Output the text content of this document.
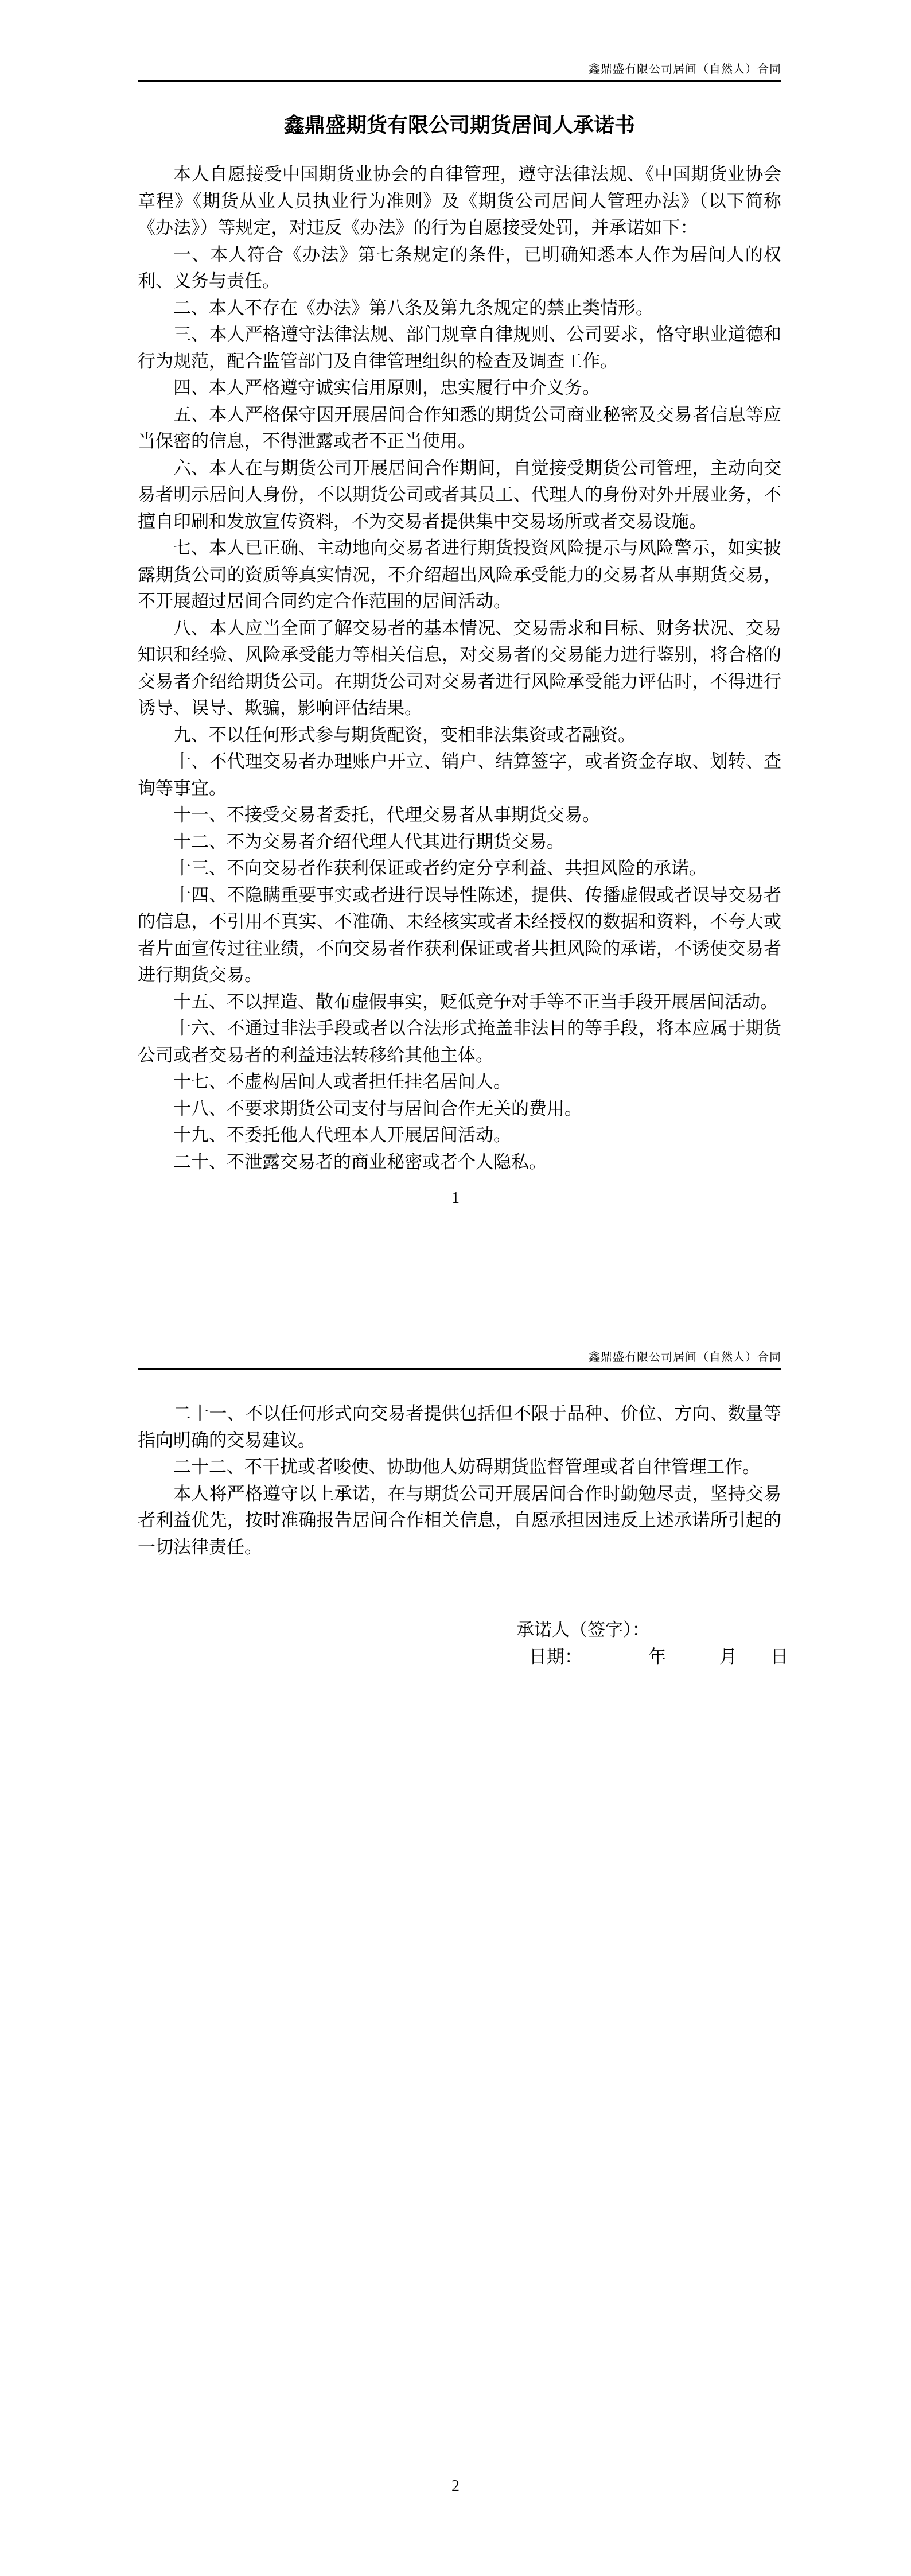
鑫鼎盛有限公司居间（自然人）合同
鑫鼎盛期货有限公司期货居间人承诺书

本人自愿接受中国期货业协会的自律管理，遵守法律法规、《中国期货业协会章程》《期货从业人员执业行为准则》及《期货公司居间人管理办法》（以下简称《办法》）等规定，对违反《办法》的行为自愿接受处罚，并承诺如下：

一、本人符合《办法》第七条规定的条件，已明确知悉本人作为居间人的权利、义务与责任。

二、本人不存在《办法》第八条及第九条规定的禁止类情形。

三、本人严格遵守法律法规、部门规章自律规则、公司要求，恪守职业道德和行为规范，配合监管部门及自律管理组织的检查及调查工作。

四、本人严格遵守诚实信用原则，忠实履行中介义务。

五、本人严格保守因开展居间合作知悉的期货公司商业秘密及交易者信息等应当保密的信息，不得泄露或者不正当使用。

六、本人在与期货公司开展居间合作期间，自觉接受期货公司管理，主动向交易者明示居间人身份，不以期货公司或者其员工、代理人的身份对外开展业务，不擅自印刷和发放宣传资料，不为交易者提供集中交易场所或者交易设施。

七、本人已正确、主动地向交易者进行期货投资风险提示与风险警示，如实披露期货公司的资质等真实情况，不介绍超出风险承受能力的交易者从事期货交易，不开展超过居间合同约定合作范围的居间活动。

八、本人应当全面了解交易者的基本情况、交易需求和目标、财务状况、交易知识和经验、风险承受能力等相关信息，对交易者的交易能力进行鉴别，将合格的交易者介绍给期货公司。在期货公司对交易者进行风险承受能力评估时，不得进行诱导、误导、欺骗，影响评估结果。

九、不以任何形式参与期货配资，变相非法集资或者融资。

十、不代理交易者办理账户开立、销户、结算签字，或者资金存取、划转、查询等事宜。

十一、不接受交易者委托，代理交易者从事期货交易。

十二、不为交易者介绍代理人代其进行期货交易。

十三、不向交易者作获利保证或者约定分享利益、共担风险的承诺。

十四、不隐瞒重要事实或者进行误导性陈述，提供、传播虚假或者误导交易者的信息，不引用不真实、不准确、未经核实或者未经授权的数据和资料，不夸大或者片面宣传过往业绩，不向交易者作获利保证或者共担风险的承诺，不诱使交易者进行期货交易。

十五、不以捏造、散布虚假事实，贬低竞争对手等不正当手段开展居间活动。

十六、不通过非法手段或者以合法形式掩盖非法目的等手段，将本应属于期货公司或者交易者的利益违法转移给其他主体。

十七、不虚构居间人或者担任挂名居间人。

十八、不要求期货公司支付与居间合作无关的费用。

十九、不委托他人代理本人开展居间活动。

二十、不泄露交易者的商业秘密或者个人隐私。

1
鑫鼎盛有限公司居间（自然人）合同

二十一、不以任何形式向交易者提供包括但不限于品种、价位、方向、数量等指向明确的交易建议。

二十二、不干扰或者唆使、协助他人妨碍期货监督管理或者自律管理工作。

本人将严格遵守以上承诺，在与期货公司开展居间合作时勤勉尽责，坚持交易者利益优先，按时准确报告居间合作相关信息，自愿承担因违反上述承诺所引起的一切法律责任。

承诺人（签字）：
日期：	年	月 日
2
